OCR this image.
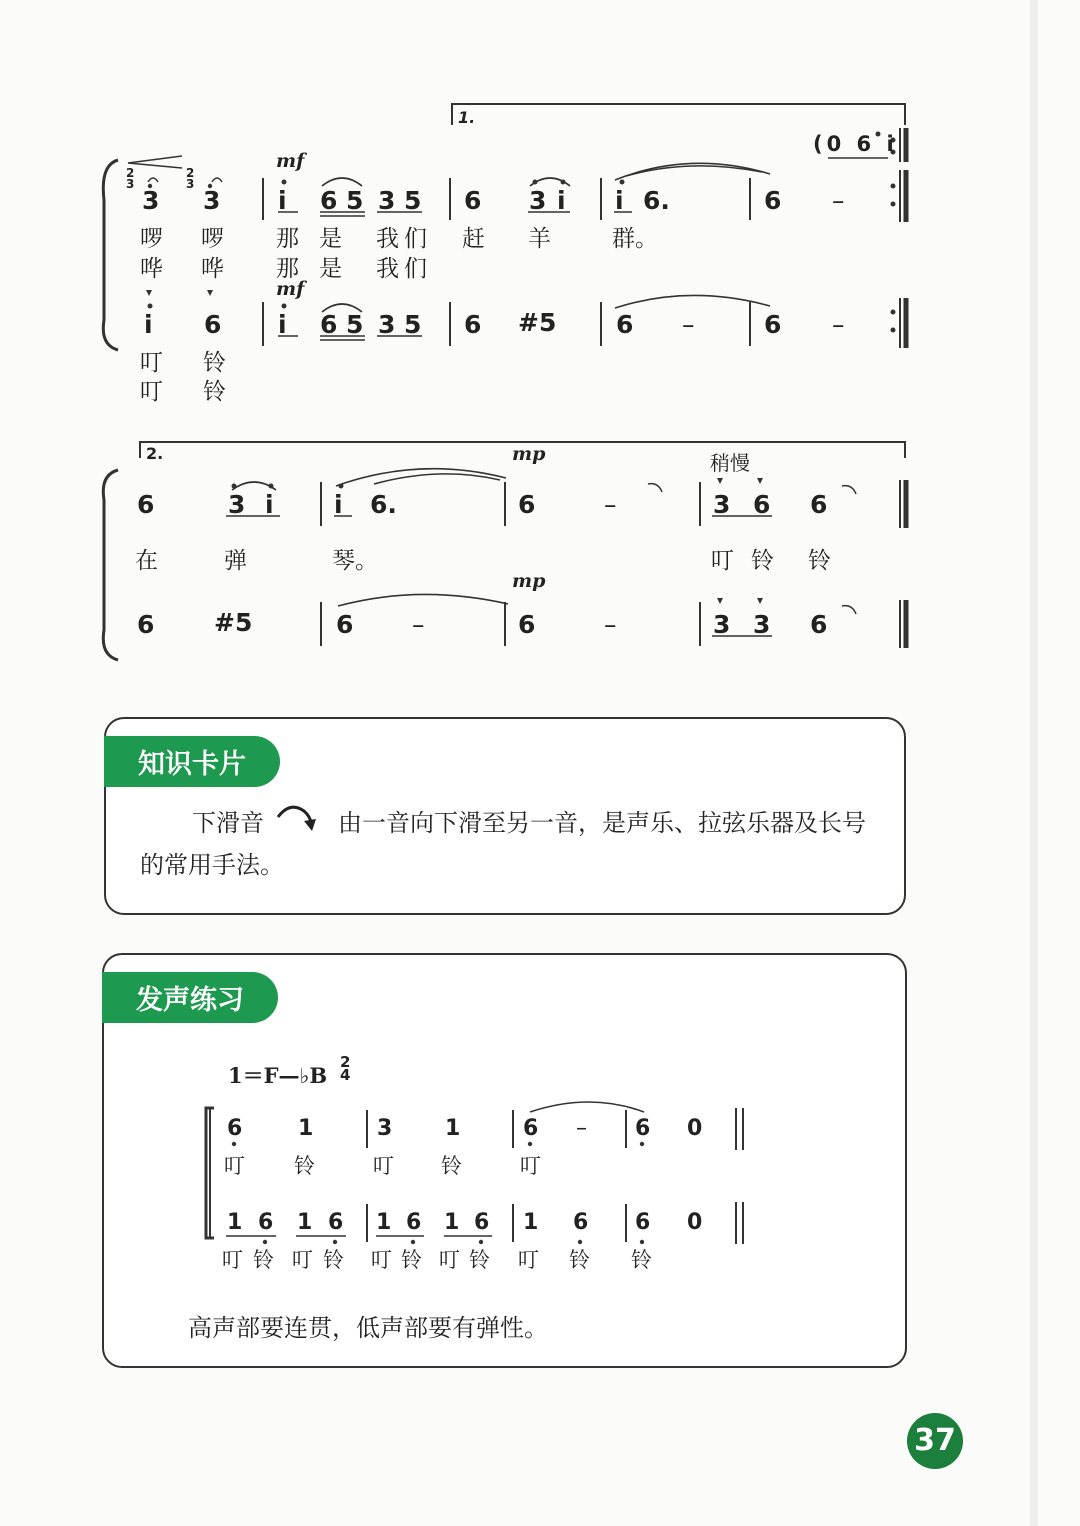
1.
2.
(0 6 i
2
3
2
3
mf
mf
mp
mp
稍慢
3 3 i 6 5 3 5 6 3 i i 6.	6 –
啰 啰 那 是 我 们 赶 羊	群。
哗 哗 那 是 我 们
i 6 i 6 5 3 5 6 #5 6 –	6 –
叮 铃
叮 铃
6	3 i i 6.	6	–	3 6 6
在	弹	琴。	叮 铃 铃
6 #5	6 –	6	–	3 3 6
知识卡片
下滑音	由一音向下滑至另一音，是声乐、拉弦乐器及长号
的常用手法。
发声练习
1＝F—♭B
2
4
6	1	3 1	6 – 6 0
叮 铃	叮 铃	叮
1 6 1 6 1 6 1 6 1 6 6 0
叮 铃 叮 铃 叮 铃 叮 铃 叮 铃 铃
高声部要连贯，低声部要有弹性。
37
